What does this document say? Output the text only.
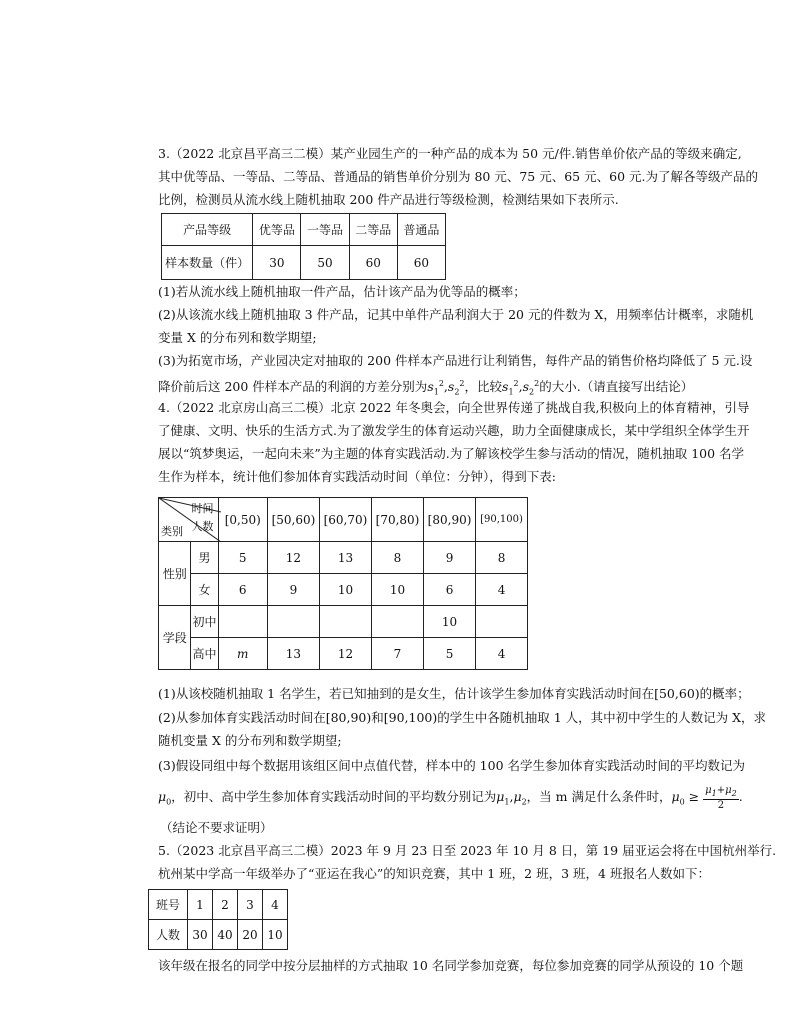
3.（2022 北京昌平高三二模）某产业园生产的一种产品的成本为 50 元/件.销售单价依产品的等级来确定,

其中优等品、一等品、二等品、普通品的销售单价分别为 80 元、75 元、65 元、60 元.为了解各等级产品的

比例，检测员从流水线上随机抽取 200 件产品进行等级检测，检测结果如下表所示.

产品等级	优等品	一等品	二等品	普通品
样本数量（件）	30	50	60	60

(1)若从流水线上随机抽取一件产品，估计该产品为优等品的概率；

(2)从该流水线上随机抽取 3 件产品，记其中单件产品利润大于 20 元的件数为 X，用频率估计概率，求随机

变量 X 的分布列和数学期望;

(3)为拓宽市场，产业园决定对抽取的 200 件样本产品进行让利销售，每件产品的销售价格均降低了 5 元.设

降价前后这 200 件样本产品的利润的方差分别为$s_1^2,s_2^2$，比较$s_1^2,s_2^2$的大小.（请直接写出结论）

4.（2022 北京房山高三二模）北京 2022 年冬奥会，向全世界传递了挑战自我,积极向上的体育精神，引导

了健康、文明、快乐的生活方式.为了激发学生的体育运动兴趣，助力全面健康成长，某中学组织全体学生开

展以“筑梦奥运，一起向未来”为主题的体育实践活动.为了解该校学生参与活动的情况，随机抽取 100 名学

生作为样本，统计他们参加体育实践活动时间（单位：分钟），得到下表:

时间
人数
类别		[0,50)	[50,60)	[60,70)	[70,80)	[80,90)	[90,100)
性别	男	5	12	13	8	9	8
	女	6	9	10	10	6	4
学段	初中					10	
	高中	m	13	12	7	5	4

(1)从该校随机抽取 1 名学生，若已知抽到的是女生，估计该学生参加体育实践活动时间在[50,60)的概率；

(2)从参加体育实践活动时间在[80,90)和[90,100)的学生中各随机抽取 1 人，其中初中学生的人数记为 X，求

随机变量 X 的分布列和数学期望;

(3)假设同组中每个数据用该组区间中点值代替，样本中的 100 名学生参加体育实践活动时间的平均数记为

$\mu_0$，初中、高中学生参加体育实践活动时间的平均数分别记为$\mu_1,\mu_2$，当 m 满足什么条件时，$\mu_0 \ge \frac{\mu_1+\mu_2}{2}$ .

（结论不要求证明）

5.（2023 北京昌平高三二模）2023 年 9 月 23 日至 2023 年 10 月 8 日，第 19 届亚运会将在中国杭州举行.

杭州某中学高一年级举办了“亚运在我心”的知识竞赛，其中 1 班，2 班，3 班，4 班报名人数如下：

班号	1	2	3	4
人数	30	40	20	10

该年级在报名的同学中按分层抽样的方式抽取 10 名同学参加竞赛，每位参加竞赛的同学从预设的 10 个题
